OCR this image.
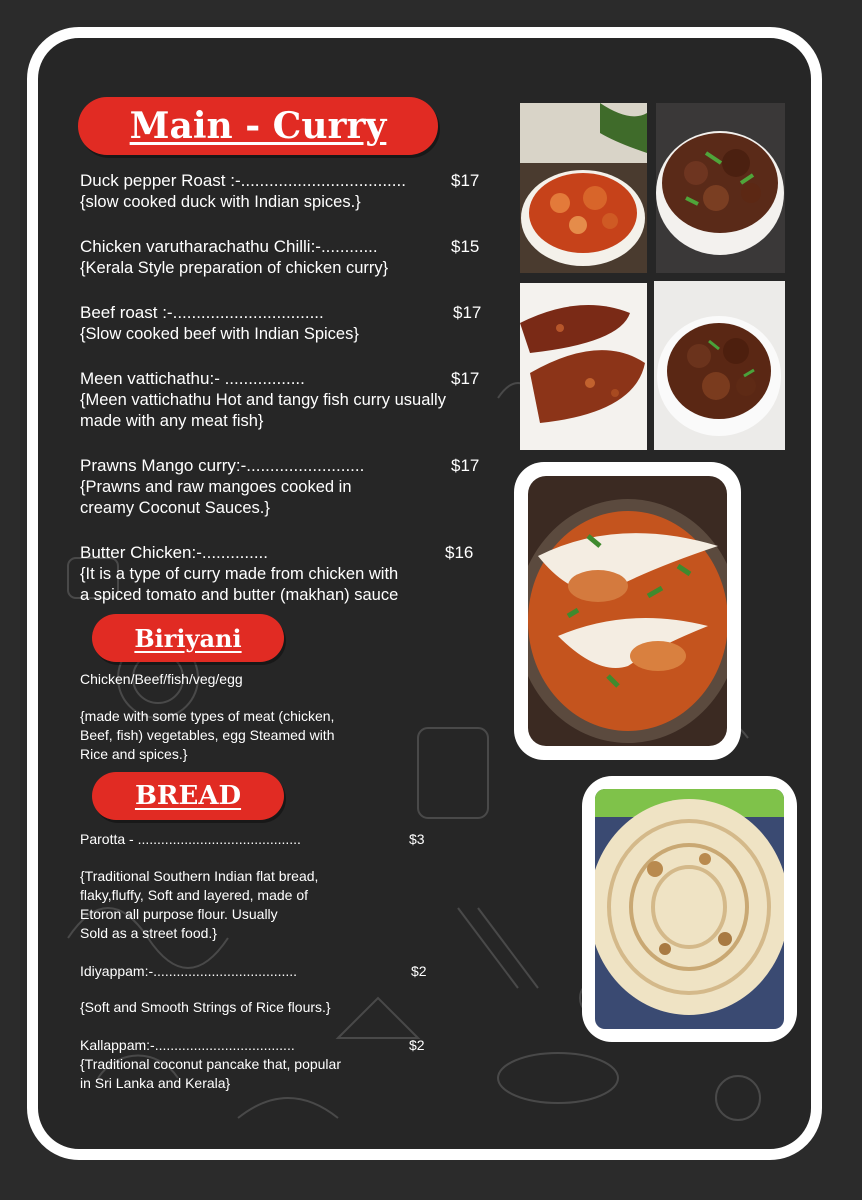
Main - Curry
Duck pepper Roast :-...................................	$17
{slow cooked duck with Indian spices.}
Chicken varutharachathu Chilli:-............	$15
{Kerala Style preparation of chicken curry}
Beef roast :-................................	$17
{Slow cooked beef with Indian Spices}
Meen vattichathu:- .................	$17
{Meen vattichathu Hot and tangy fish curry usually
made with any meat fish}
Prawns Mango curry:-.........................	$17
{Prawns and raw mangoes cooked in
creamy Coconut Sauces.}
Butter Chicken:-..............	$16
{It is a type of curry made from chicken with
a spiced tomato and butter (makhan) sauce
Biriyani
Chicken/Beef/fish/veg/egg
{made with some types of meat (chicken,
Beef, fish) vegetables, egg Steamed with
Rice and spices.}
BREAD
Parotta - ..........................................	$3
{Traditional Southern Indian flat bread,
flaky,fluffy, Soft and layered, made of
Etoron all purpose flour. Usually
Sold as a street food.}
Idiyappam:-.....................................	$2
{Soft and Smooth Strings of Rice flours.}
Kallappam:-....................................	$2
{Traditional coconut pancake that, popular
in Sri Lanka and Kerala}
